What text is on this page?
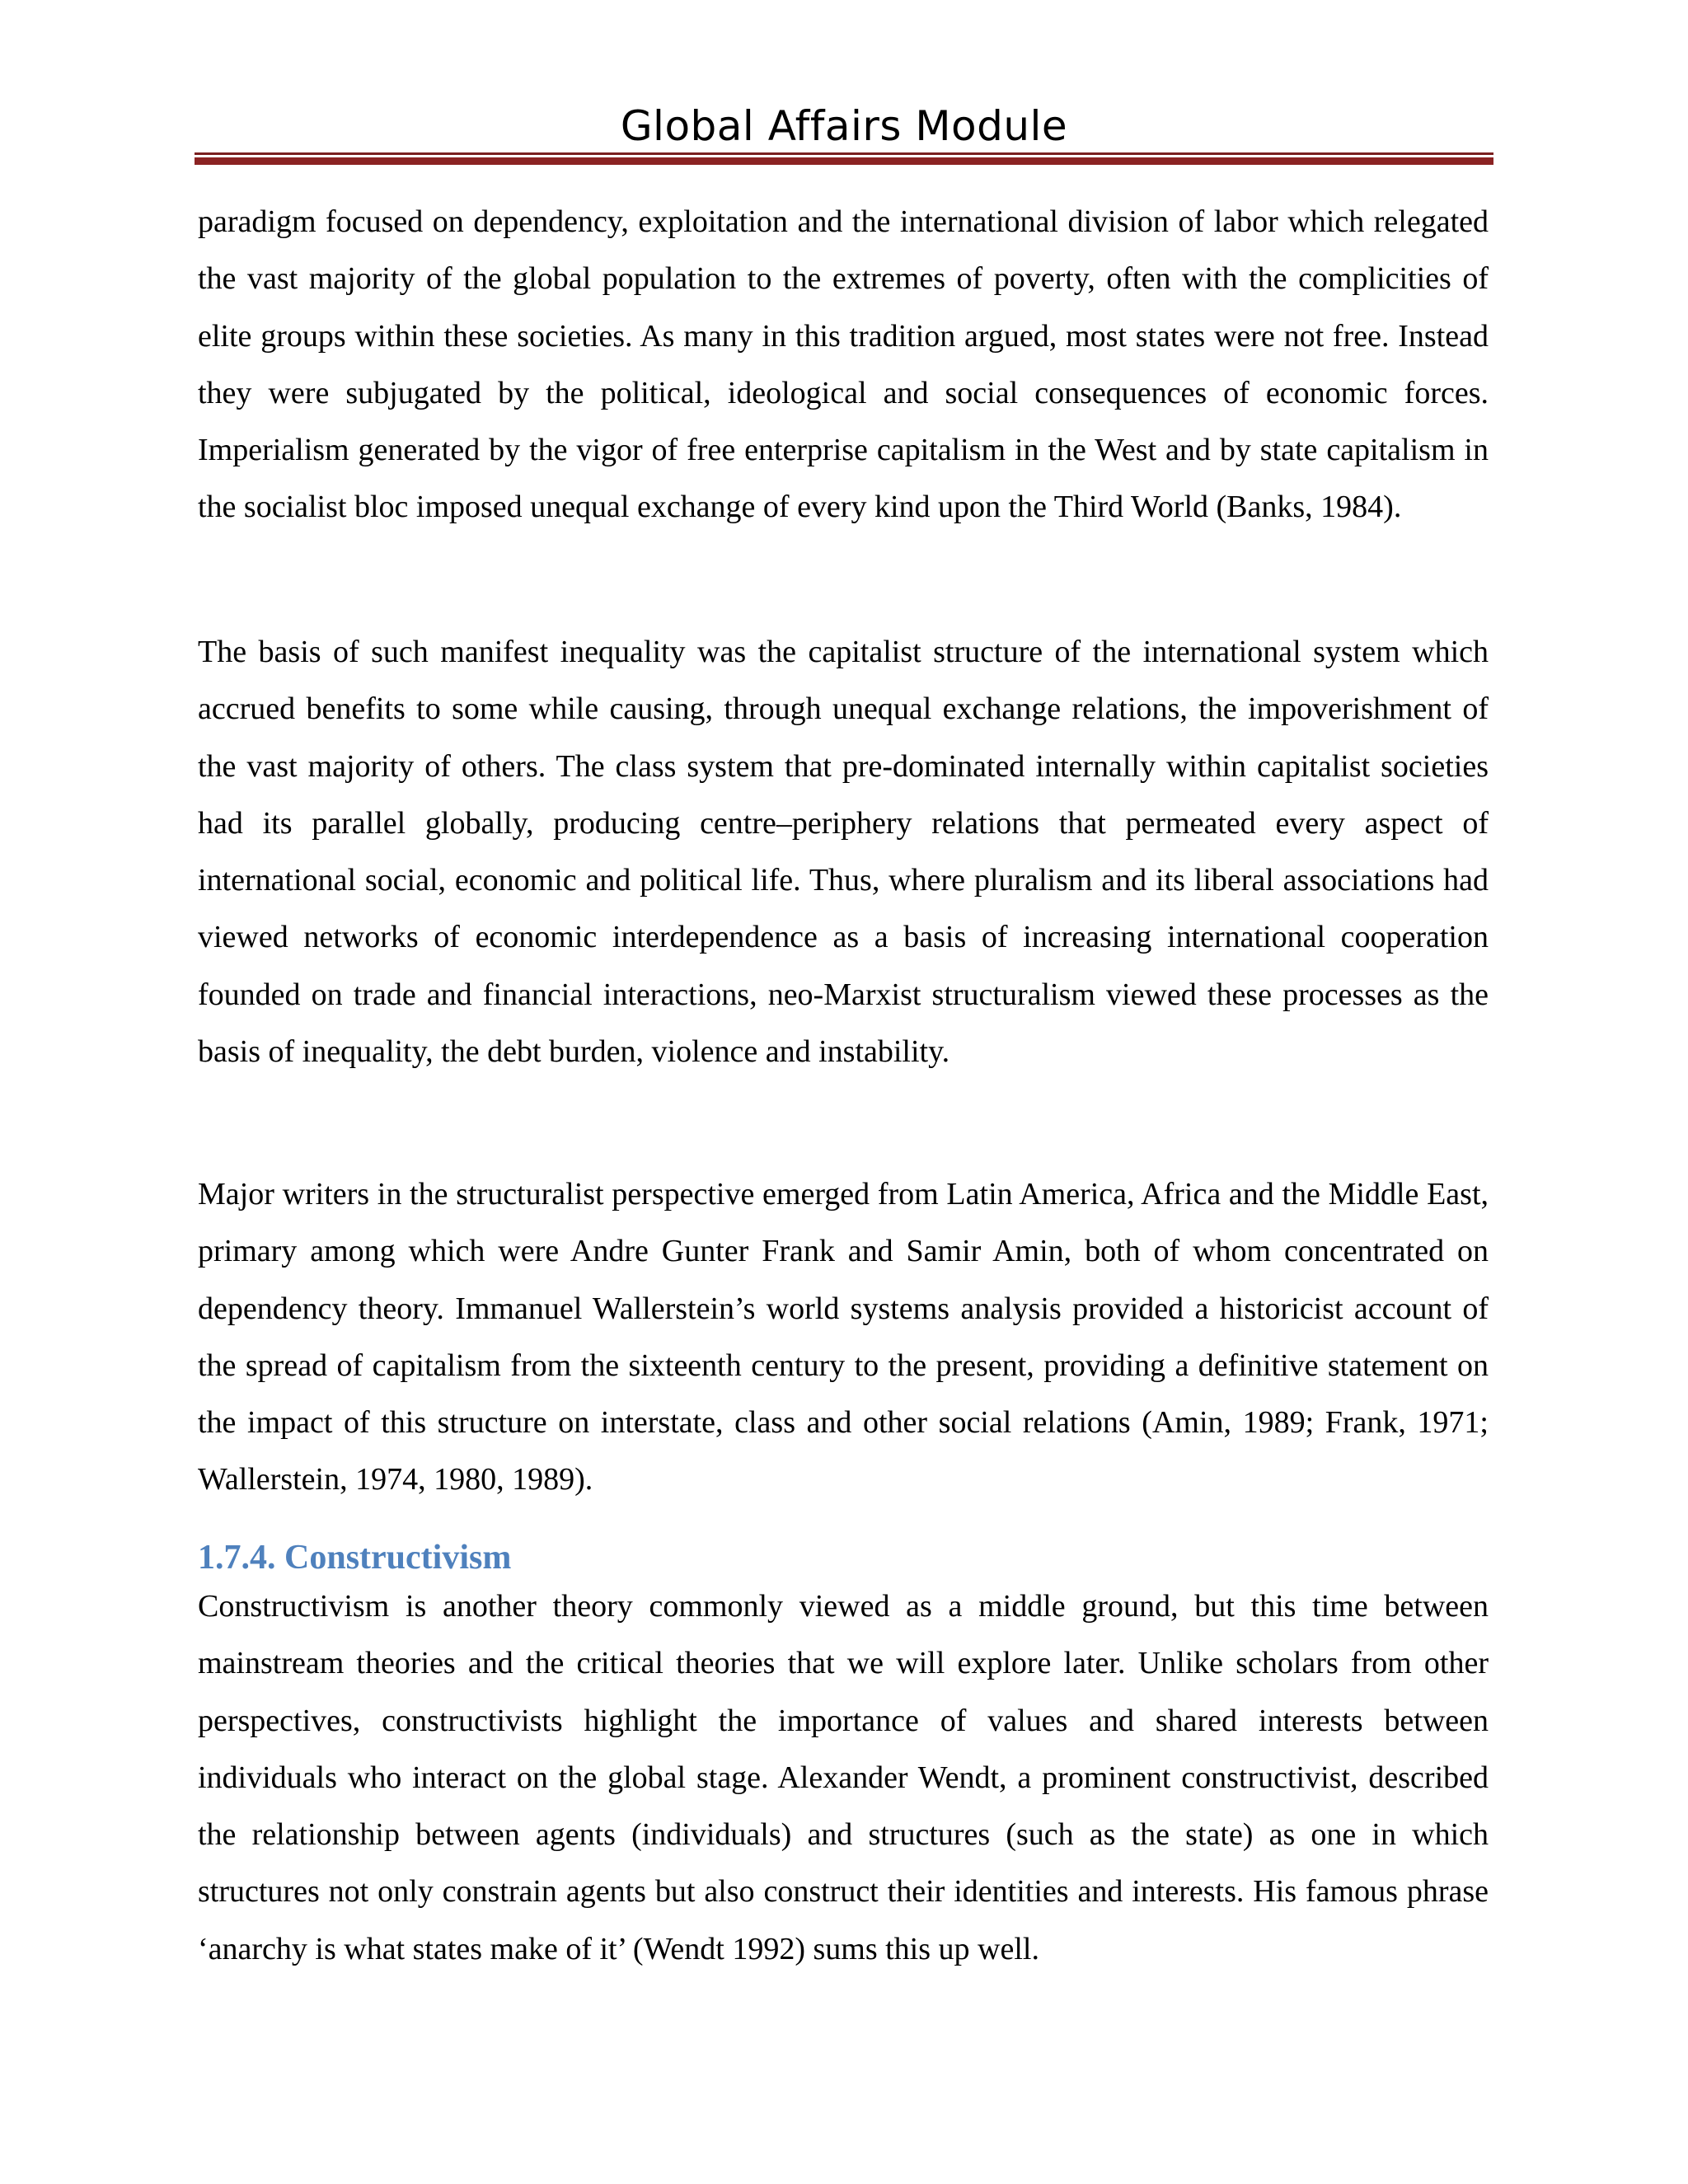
Global Affairs Module

paradigm focused on dependency, exploitation and the international division of labor which relegated the vast majority of the global population to the extremes of poverty, often with the complicities of elite groups within these societies. As many in this tradition argued, most states were not free. Instead they were subjugated by the political, ideological and social consequences of economic forces. Imperialism generated by the vigor of free enterprise capitalism in the West and by state capitalism in the socialist bloc imposed unequal exchange of every kind upon the Third World (Banks, 1984).

The basis of such manifest inequality was the capitalist structure of the international system which accrued benefits to some while causing, through unequal exchange relations, the impoverishment of the vast majority of others. The class system that pre-dominated internally within capitalist societies had its parallel globally, producing centre–periphery relations that permeated every aspect of international social, economic and political life. Thus, where pluralism and its liberal associations had viewed networks of economic interdependence as a basis of increasing international cooperation founded on trade and financial interactions, neo-Marxist structuralism viewed these processes as the basis of inequality, the debt burden, violence and instability.

Major writers in the structuralist perspective emerged from Latin America, Africa and the Middle East, primary among which were Andre Gunter Frank and Samir Amin, both of whom concentrated on dependency theory. Immanuel Wallerstein’s world systems analysis provided a historicist account of the spread of capitalism from the sixteenth century to the present, providing a definitive statement on the impact of this structure on interstate, class and other social relations (Amin, 1989; Frank, 1971; Wallerstein, 1974, 1980, 1989).

1.7.4. Constructivism

Constructivism is another theory commonly viewed as a middle ground, but this time between mainstream theories and the critical theories that we will explore later. Unlike scholars from other perspectives, constructivists highlight the importance of values and shared interests between individuals who interact on the global stage. Alexander Wendt, a prominent constructivist, described the relationship between agents (individuals) and structures (such as the state) as one in which structures not only constrain agents but also construct their identities and interests. His famous phrase ‘anarchy is what states make of it’ (Wendt 1992) sums this up well.
